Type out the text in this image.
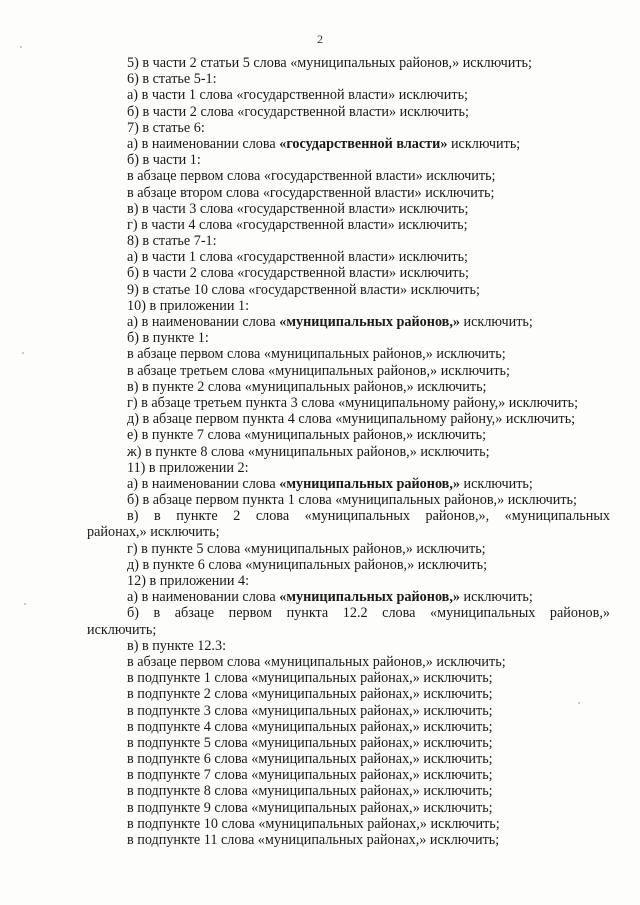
2
5) в части 2 статьи 5 слова «муниципальных районов,» исключить;
6) в статье 5-1:
а) в части 1 слова «государственной власти» исключить;
б) в части 2 слова «государственной власти» исключить;
7) в статье 6:
а) в наименовании слова «государственной власти» исключить;
б) в части 1:
в абзаце первом слова «государственной власти» исключить;
в абзаце втором слова «государственной власти» исключить;
в) в части 3 слова «государственной власти» исключить;
г) в части 4 слова «государственной власти» исключить;
8) в статье 7-1:
а) в части 1 слова «государственной власти» исключить;
б) в части 2 слова «государственной власти» исключить;
9) в статье 10 слова «государственной власти» исключить;
10) в приложении 1:
а) в наименовании слова «муниципальных районов,» исключить;
б) в пункте 1:
в абзаце первом слова «муниципальных районов,» исключить;
в абзаце третьем слова «муниципальных районов,» исключить;
в) в пункте 2 слова «муниципальных районов,» исключить;
г) в абзаце третьем пункта 3 слова «муниципальному району,» исключить;
д) в абзаце первом пункта 4 слова «муниципальному району,» исключить;
е) в пункте 7 слова «муниципальных районов,» исключить;
ж) в пункте 8 слова «муниципальных районов,» исключить;
11) в приложении 2:
а) в наименовании слова «муниципальных районов,» исключить;
б) в абзаце первом пункта 1 слова «муниципальных районов,» исключить;
в) в пункте 2 слова «муниципальных районов,», «муниципальных
районах,» исключить;
г) в пункте 5 слова «муниципальных районов,» исключить;
д) в пункте 6 слова «муниципальных районов,» исключить;
12) в приложении 4:
а) в наименовании слова «муниципальных районов,» исключить;
б) в абзаце первом пункта 12.2 слова «муниципальных районов,»
исключить;
в) в пункте 12.3:
в абзаце первом слова «муниципальных районов,» исключить;
в подпункте 1 слова «муниципальных районах,» исключить;
в подпункте 2 слова «муниципальных районах,» исключить;
в подпункте 3 слова «муниципальных районах,» исключить;
в подпункте 4 слова «муниципальных районах,» исключить;
в подпункте 5 слова «муниципальных районах,» исключить;
в подпункте 6 слова «муниципальных районах,» исключить;
в подпункте 7 слова «муниципальных районах,» исключить;
в подпункте 8 слова «муниципальных районах,» исключить;
в подпункте 9 слова «муниципальных районах,» исключить;
в подпункте 10 слова «муниципальных районах,» исключить;
в подпункте 11 слова «муниципальных районах,» исключить;
